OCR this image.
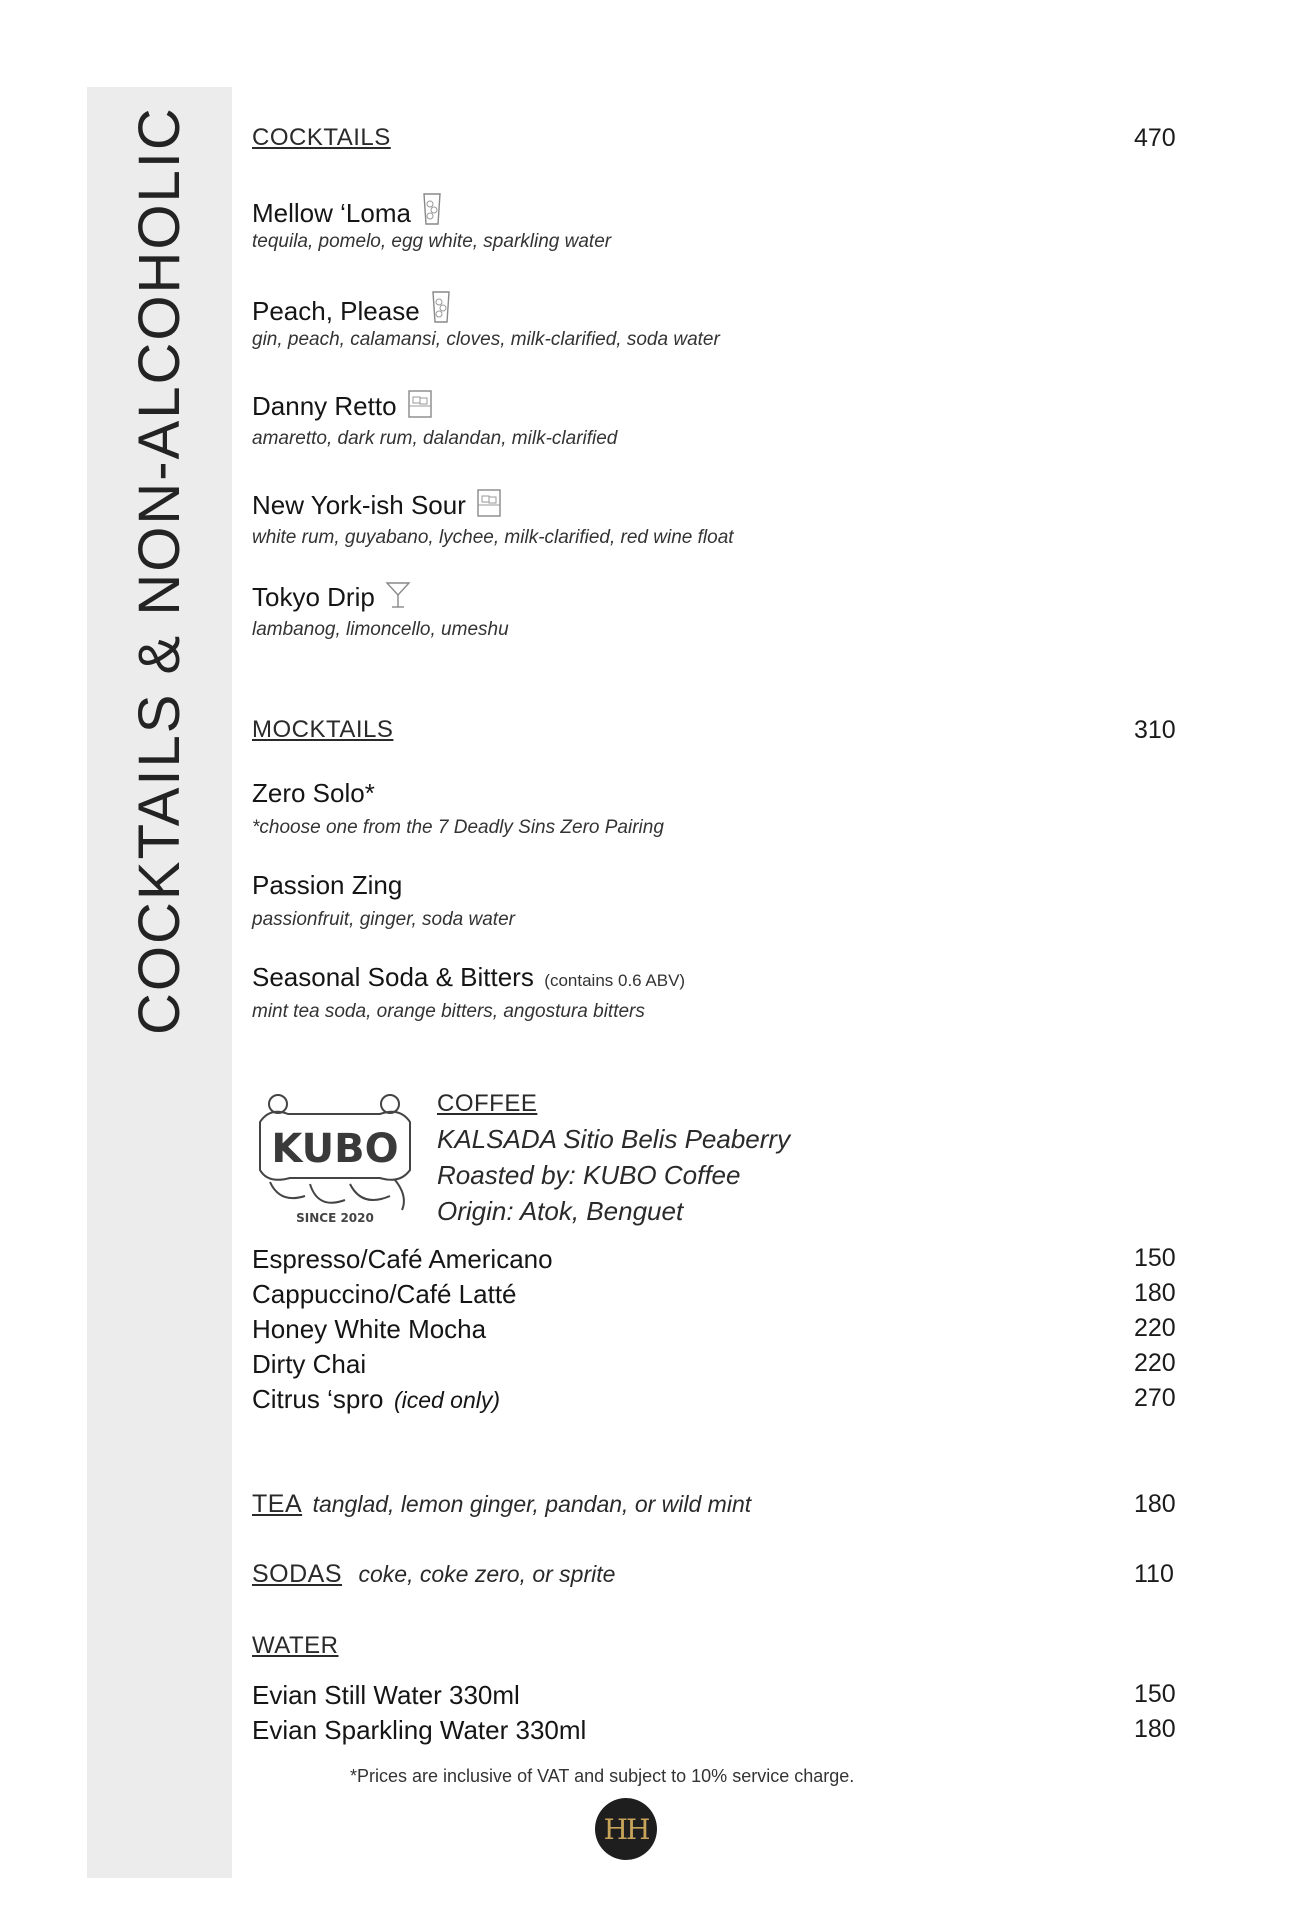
COCKTAILS & NON-ALCOHOLIC	COCKTAILS	470
Mellow ‘Loma
tequila, pomelo, egg white, sparkling water
Peach, Please
gin, peach, calamansi, cloves, milk-clarified, soda water
Danny Retto
amaretto, dark rum, dalandan, milk-clarified
New York-ish Sour
white rum, guyabano, lychee, milk-clarified, red wine float
Tokyo Drip
lambanog, limoncello, umeshu
MOCKTAILS	310
Zero Solo*
*choose one from the 7 Deadly Sins Zero Pairing
Passion Zing
passionfruit, ginger, soda water
Seasonal Soda & Bitters (contains 0.6 ABV)
mint tea soda, orange bitters, angostura bitters
KUBO
SINCE 2020
COFFEE
KALSADA Sitio Belis Peaberry
Roasted by: KUBO Coffee
Origin: Atok, Benguet
Espresso/Café Americano	150
Cappuccino/Café Latté	180
Honey White Mocha	220
Dirty Chai	220
Citrus ‘spro (iced only)	270
TEA tanglad, lemon ginger, pandan, or wild mint	180
SODAS coke, coke zero, or sprite	110
WATER
Evian Still Water 330ml	150
Evian Sparkling Water 330ml	180
*Prices are inclusive of VAT and subject to 10% service charge.
HH
